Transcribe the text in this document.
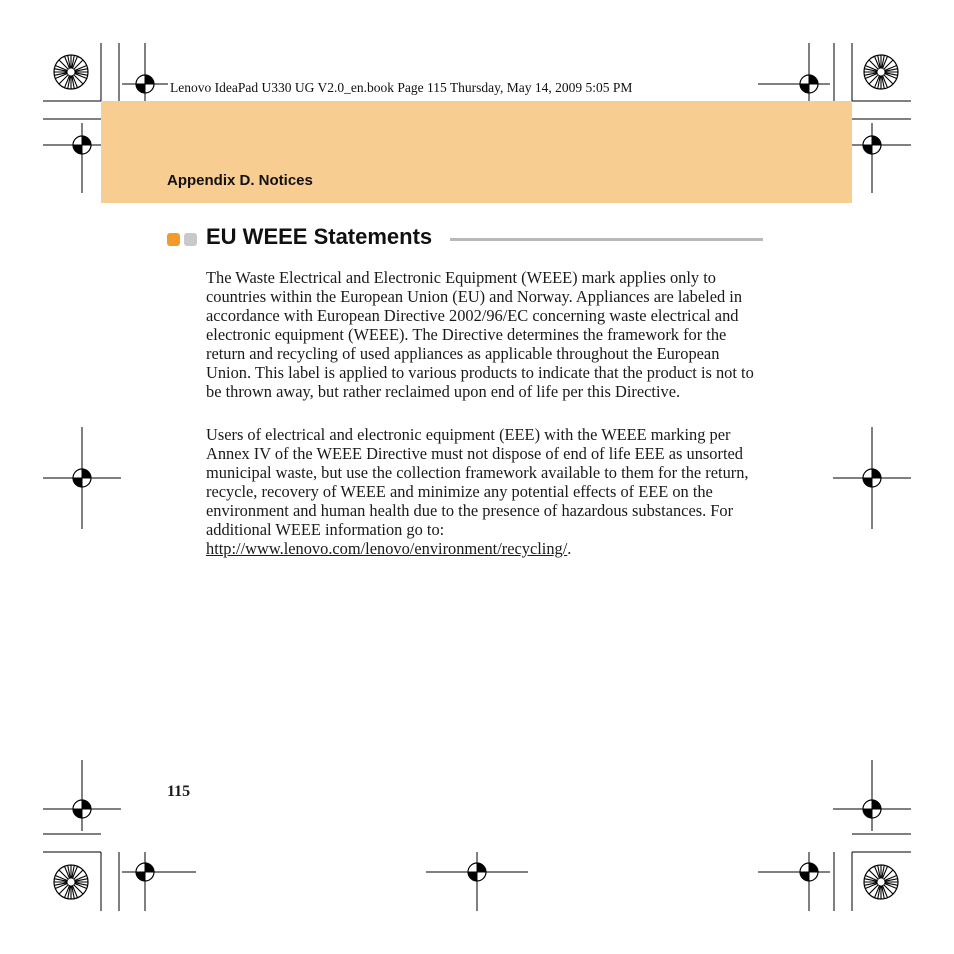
Lenovo IdeaPad U330 UG V2.0_en.book Page 115 Thursday, May 14, 2009 5:05 PM
Appendix D. Notices
EU WEEE Statements

The Waste Electrical and Electronic Equipment (WEEE) mark applies only to countries within the European Union (EU) and Norway. Appliances are labeled in accordance with European Directive 2002/96/EC concerning waste electrical and electronic equipment (WEEE). The Directive determines the framework for the return and recycling of used appliances as applicable throughout the European Union. This label is applied to various products to indicate that the product is not to be thrown away, but rather reclaimed upon end of life per this Directive.

Users of electrical and electronic equipment (EEE) with the WEEE marking per Annex IV of the WEEE Directive must not dispose of end of life EEE as unsorted municipal waste, but use the collection framework available to them for the return, recycle, recovery of WEEE and minimize any potential effects of EEE on the environment and human health due to the presence of hazardous substances. For additional WEEE information go to: http://www.lenovo.com/lenovo/environment/recycling/.

115
